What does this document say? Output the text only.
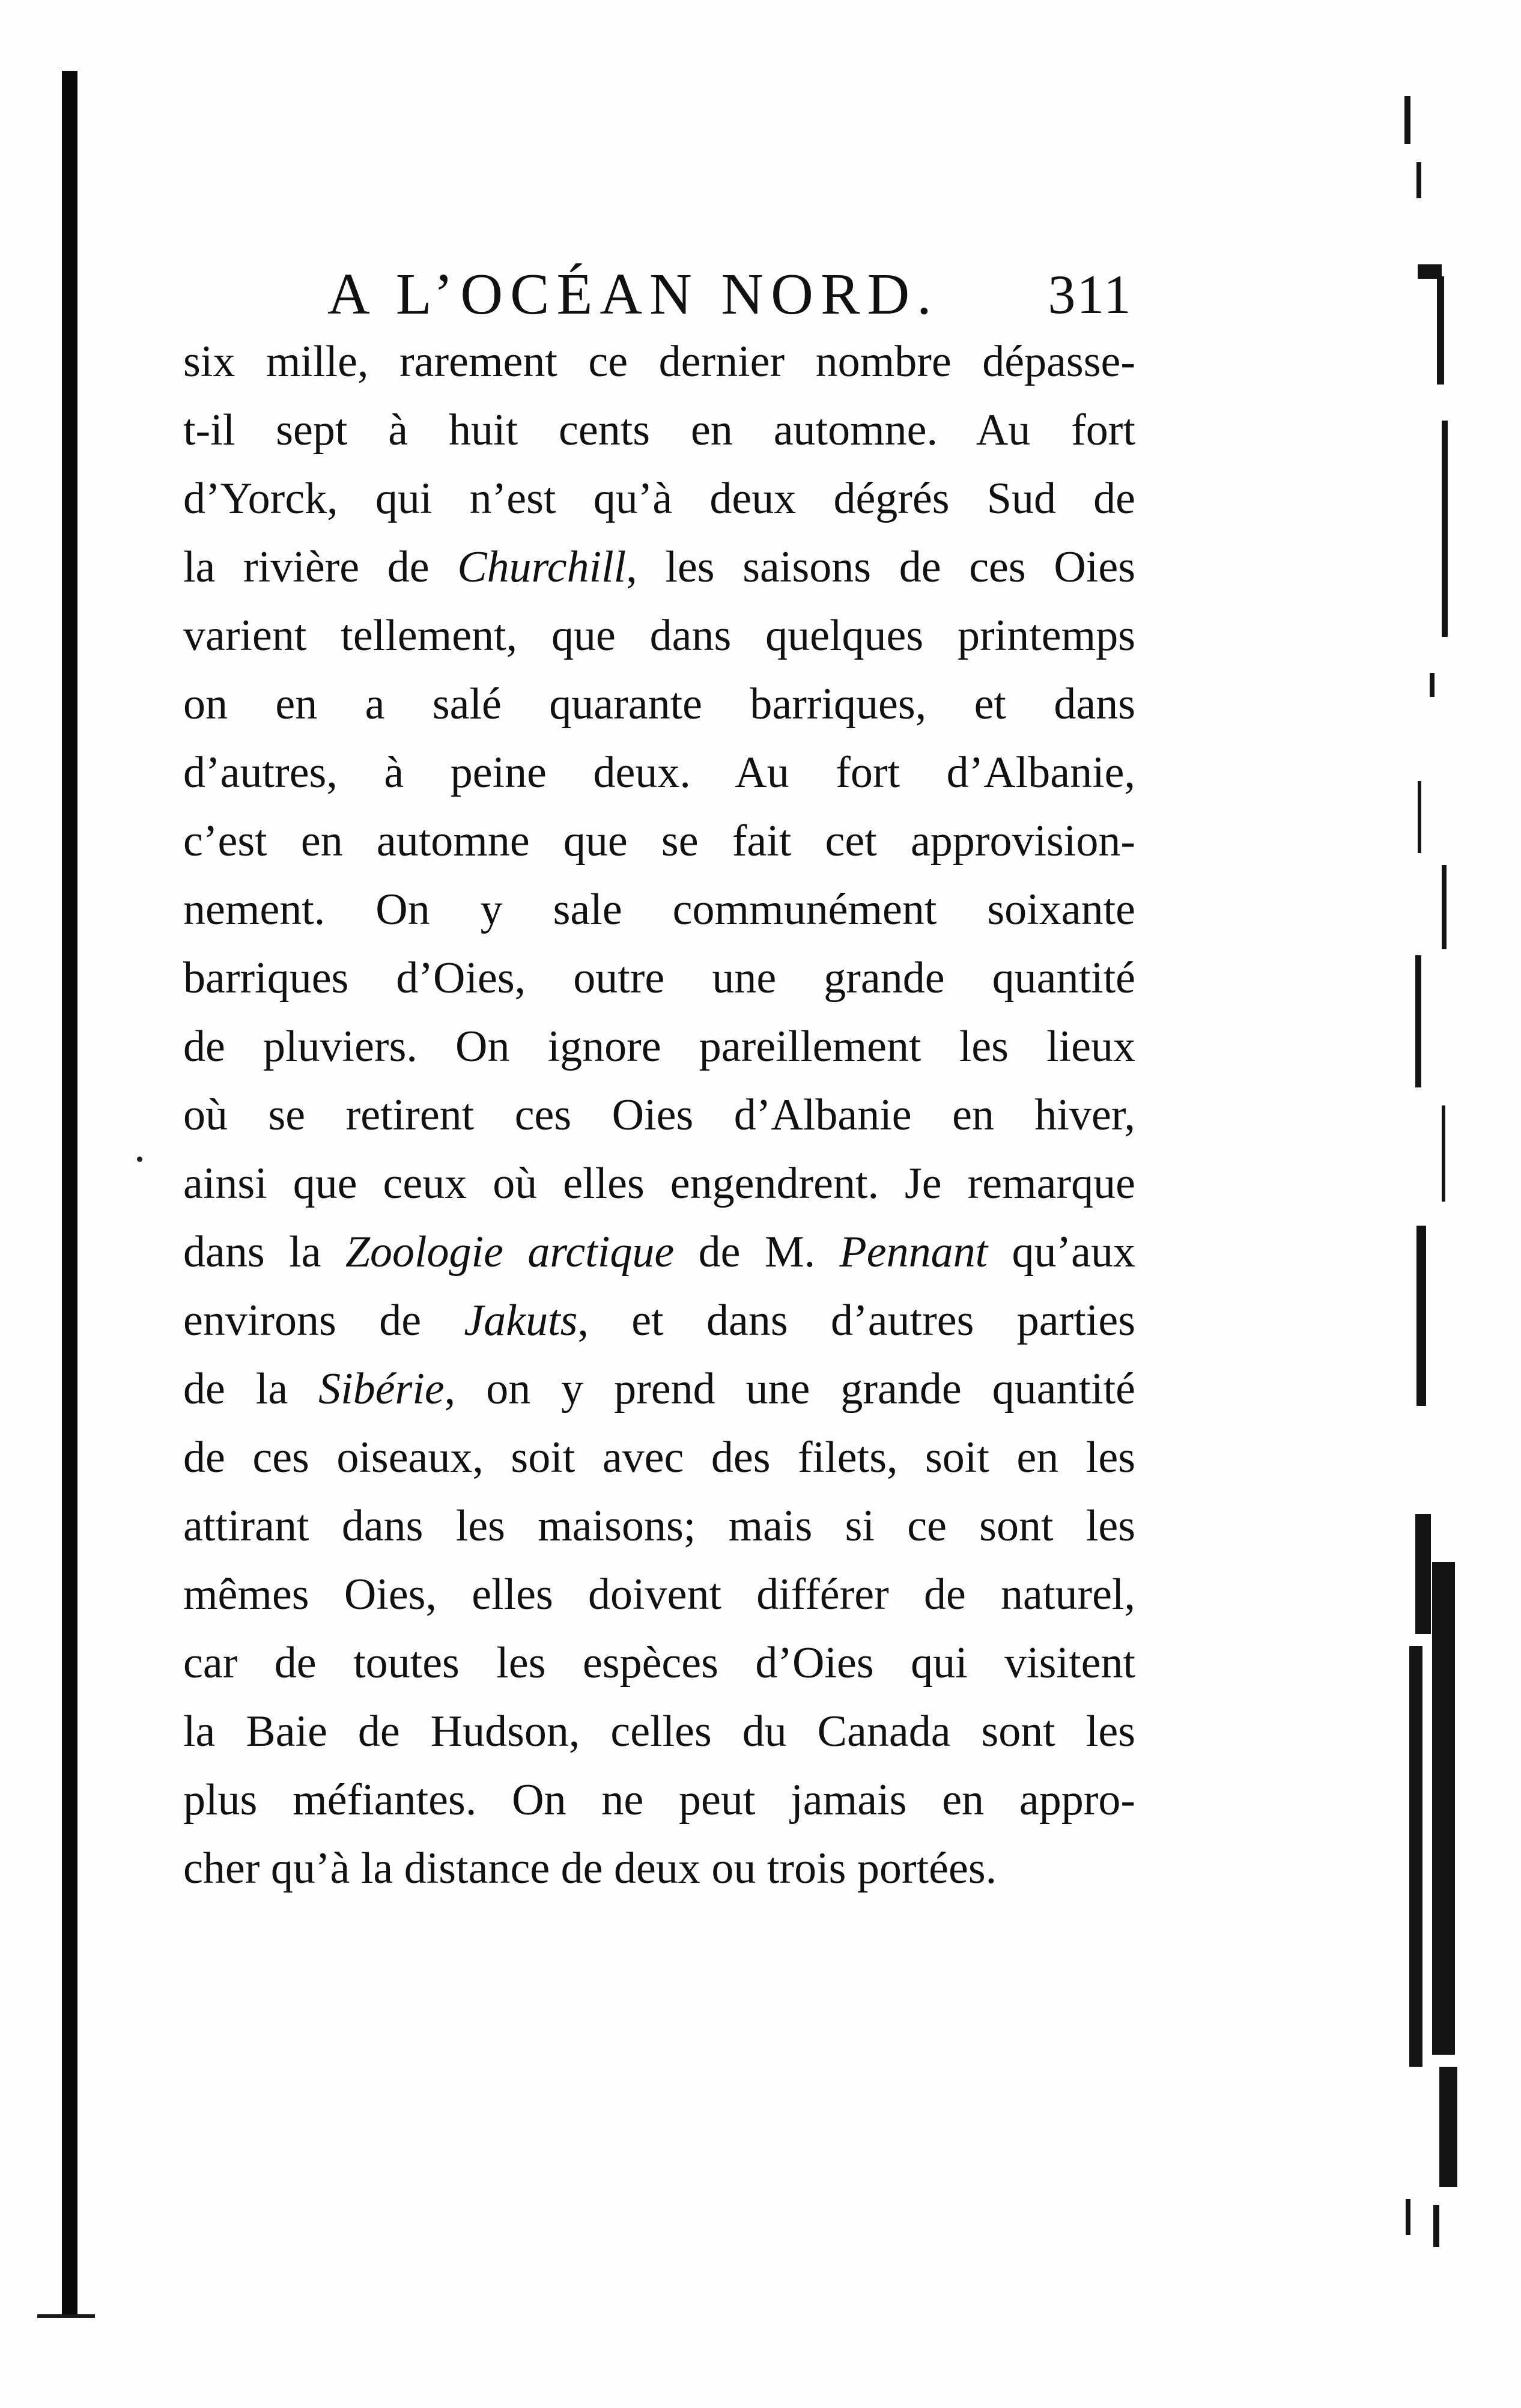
A L’OCÉAN NORD. 311
six mille, rarement ce dernier nombre dépasse-
t-il sept à huit cents en automne. Au fort
d’Yorck, qui n’est qu’à deux dégrés Sud de
la rivière de Churchill, les saisons de ces Oies
varient tellement, que dans quelques printemps
on en a salé quarante barriques, et dans
d’autres, à peine deux. Au fort d’Albanie,
c’est en automne que se fait cet approvision-
nement. On y sale communément soixante
barriques d’Oies, outre une grande quantité
de pluviers. On ignore pareillement les lieux
où se retirent ces Oies d’Albanie en hiver,
ainsi que ceux où elles engendrent. Je remarque
dans la Zoologie arctique de M. Pennant qu’aux
environs de Jakuts, et dans d’autres parties
de la Sibérie, on y prend une grande quantité
de ces oiseaux, soit avec des filets, soit en les
attirant dans les maisons; mais si ce sont les
mêmes Oies, elles doivent différer de naturel,
car de toutes les espèces d’Oies qui visitent
la Baie de Hudson, celles du Canada sont les
plus méfiantes. On ne peut jamais en appro-
cher qu’à la distance de deux ou trois portées.
